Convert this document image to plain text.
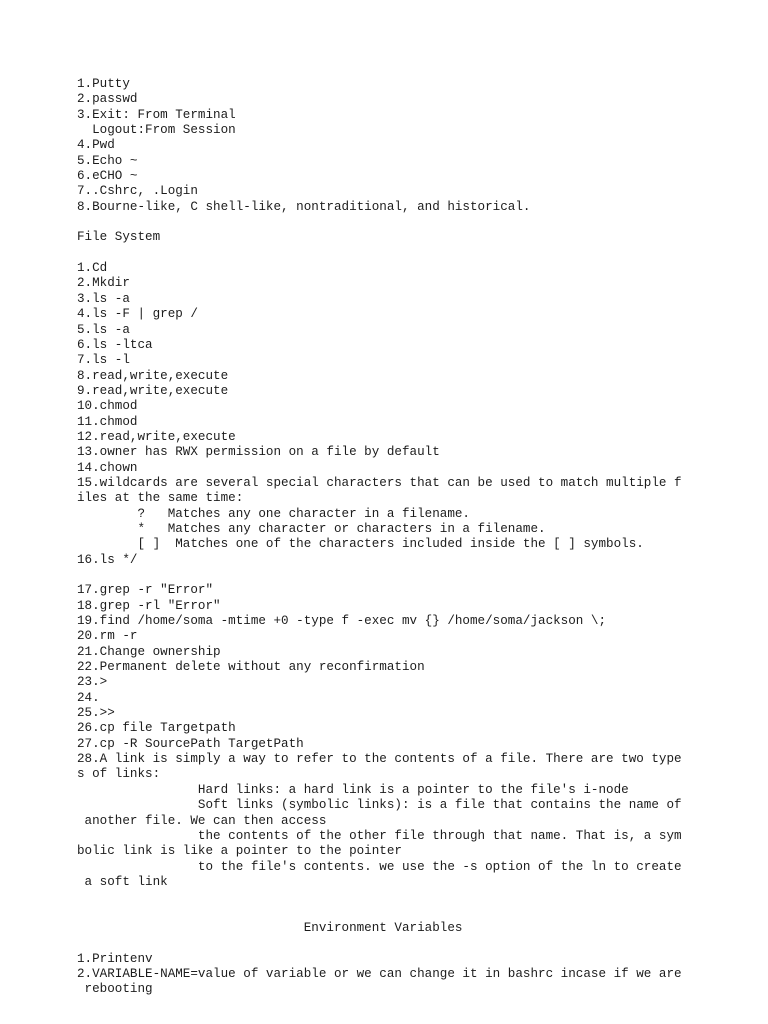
1.Putty
2.passwd
3.Exit: From Terminal
Logout:From Session
4.Pwd
5.Echo ~
6.eCHO ~
7..Cshrc, .Login
8.Bourne-like, C shell-like, nontraditional, and historical.
File System
1.Cd
2.Mkdir
3.ls -a
4.ls -F | grep /
5.ls -a
6.ls -ltca
7.ls -l
8.read,write,execute
9.read,write,execute
10.chmod
11.chmod
12.read,write,execute
13.owner has RWX permission on a file by default
14.chown
15.wildcards are several special characters that can be used to match multiple f
iles at the same time:
?   Matches any one character in a filename.
*   Matches any character or characters in a filename.
[ ]  Matches one of the characters included inside the [ ] symbols.
16.ls */
17.grep -r "Error"
18.grep -rl "Error"
19.find /home/soma -mtime +0 -type f -exec mv {} /home/soma/jackson \;
20.rm -r
21.Change ownership
22.Permanent delete without any reconfirmation
23.>
24.
25.>>
26.cp file Targetpath
27.cp -R SourcePath TargetPath
28.A link is simply a way to refer to the contents of a file. There are two type
s of links:
Hard links: a hard link is a pointer to the file's i-node
Soft links (symbolic links): is a file that contains the name of
another file. We can then access
the contents of the other file through that name. That is, a sym
bolic link is like a pointer to the pointer
to the file's contents. we use the -s option of the ln to create
a soft link
Environment Variables
1.Printenv
2.VARIABLE-NAME=value of variable or we can change it in bashrc incase if we are
rebooting
